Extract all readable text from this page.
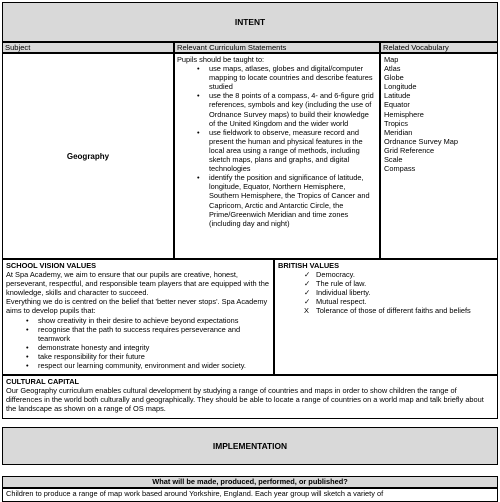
INTENT
Subject	Relevant Curriculum Statements	Related Vocabulary
Geography
Pupils should be taught to:
• use maps, atlases, globes and digital/computer mapping to locate countries and describe features studied
• use the 8 points of a compass, 4- and 6-figure grid references, symbols and key (including the use of Ordnance Survey maps) to build their knowledge of the United Kingdom and the wider world
• use fieldwork to observe, measure record and present the human and physical features in the local area using a range of methods, including sketch maps, plans and graphs, and digital technologies
• identify the position and significance of latitude, longitude, Equator, Northern Hemisphere, Southern Hemisphere, the Tropics of Cancer and Capricorn, Arctic and Antarctic Circle, the Prime/Greenwich Meridian and time zones (including day and night)
Map
Atlas
Globe
Longitude
Latitude
Equator
Hemisphere
Tropics
Meridian
Ordnance Survey Map
Grid Reference
Scale
Compass
SCHOOL VISION VALUES
At Spa Academy, we aim to ensure that our pupils are creative, honest, perseverant, respectful, and responsible team players that are equipped with the knowledge, skills and character to succeed.
Everything we do is centred on the belief that 'better never stops'. Spa Academy aims to develop pupils that:
• show creativity in their desire to achieve beyond expectations
• recognise that the path to success requires perseverance and teamwork
• demonstrate honesty and integrity
• take responsibility for their future
• respect our learning community, environment and wider society.
BRITISH VALUES
✓ Democracy.
✓ The rule of law.
✓ Individual liberty.
✓ Mutual respect.
X Tolerance of those of different faiths and beliefs
CULTURAL CAPITAL
Our Geography curriculum enables cultural development by studying a range of countries and maps in order to show children the range of differences in the world both culturally and geographically. They should be able to locate a range of countries on a world map and talk briefly about the landscape as shown on a range of OS maps.
IMPLEMENTATION
What will be made, produced, performed, or published?
Children to produce a range of map work based around Yorkshire, England. Each year group will sketch a variety of
